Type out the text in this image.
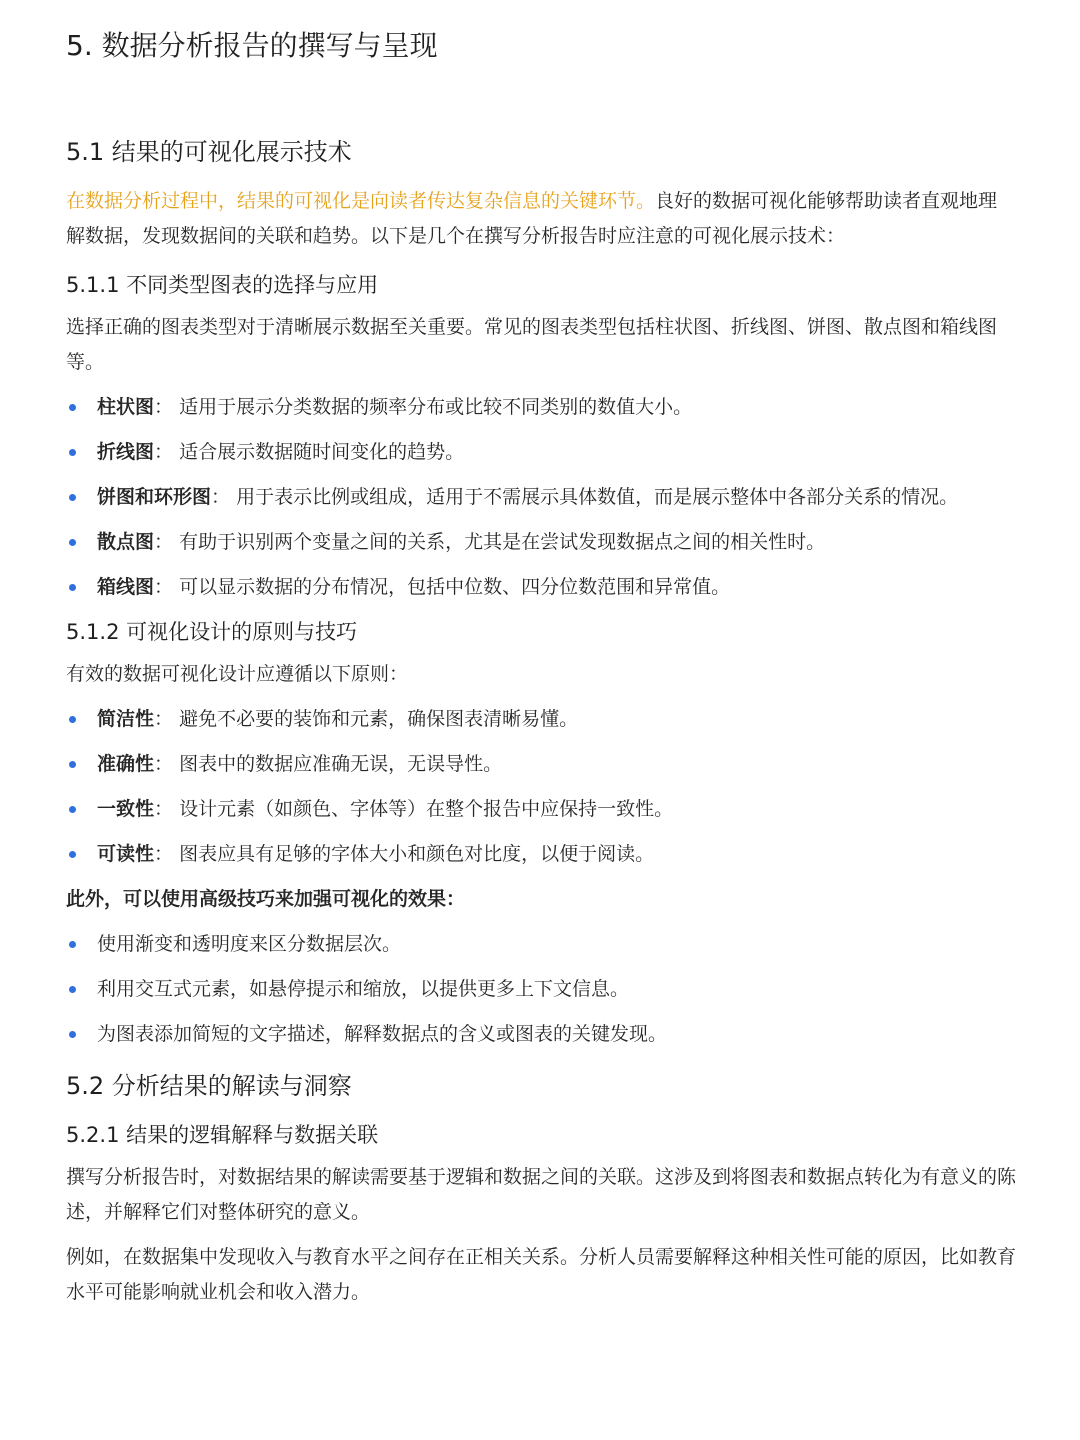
5. 数据分析报告的撰写与呈现
5.1 结果的可视化展示技术

在数据分析过程中，结果的可视化是向读者传达复杂信息的关键环节。良好的数据可视化能够帮助读者直观地理解数据，发现数据间的关联和趋势。以下是几个在撰写分析报告时应注意的可视化展示技术：

5.1.1 不同类型图表的选择与应用

选择正确的图表类型对于清晰展示数据至关重要。常见的图表类型包括柱状图、折线图、饼图、散点图和箱线图等。

柱状图： 适用于展示分类数据的频率分布或比较不同类别的数值大小。
折线图： 适合展示数据随时间变化的趋势。
饼图和环形图： 用于表示比例或组成，适用于不需展示具体数值，而是展示整体中各部分关系的情况。
散点图： 有助于识别两个变量之间的关系，尤其是在尝试发现数据点之间的相关性时。
箱线图： 可以显示数据的分布情况，包括中位数、四分位数范围和异常值。
5.1.2 可视化设计的原则与技巧

有效的数据可视化设计应遵循以下原则：

简洁性： 避免不必要的装饰和元素，确保图表清晰易懂。
准确性： 图表中的数据应准确无误，无误导性。
一致性： 设计元素（如颜色、字体等）在整个报告中应保持一致性。
可读性： 图表应具有足够的字体大小和颜色对比度，以便于阅读。

此外，可以使用高级技巧来加强可视化的效果：

使用渐变和透明度来区分数据层次。
利用交互式元素，如悬停提示和缩放，以提供更多上下文信息。
为图表添加简短的文字描述，解释数据点的含义或图表的关键发现。
5.2 分析结果的解读与洞察
5.2.1 结果的逻辑解释与数据关联

撰写分析报告时，对数据结果的解读需要基于逻辑和数据之间的关联。这涉及到将图表和数据点转化为有意义的陈述，并解释它们对整体研究的意义。

例如，在数据集中发现收入与教育水平之间存在正相关关系。分析人员需要解释这种相关性可能的原因，比如教育水平可能影响就业机会和收入潜力。
